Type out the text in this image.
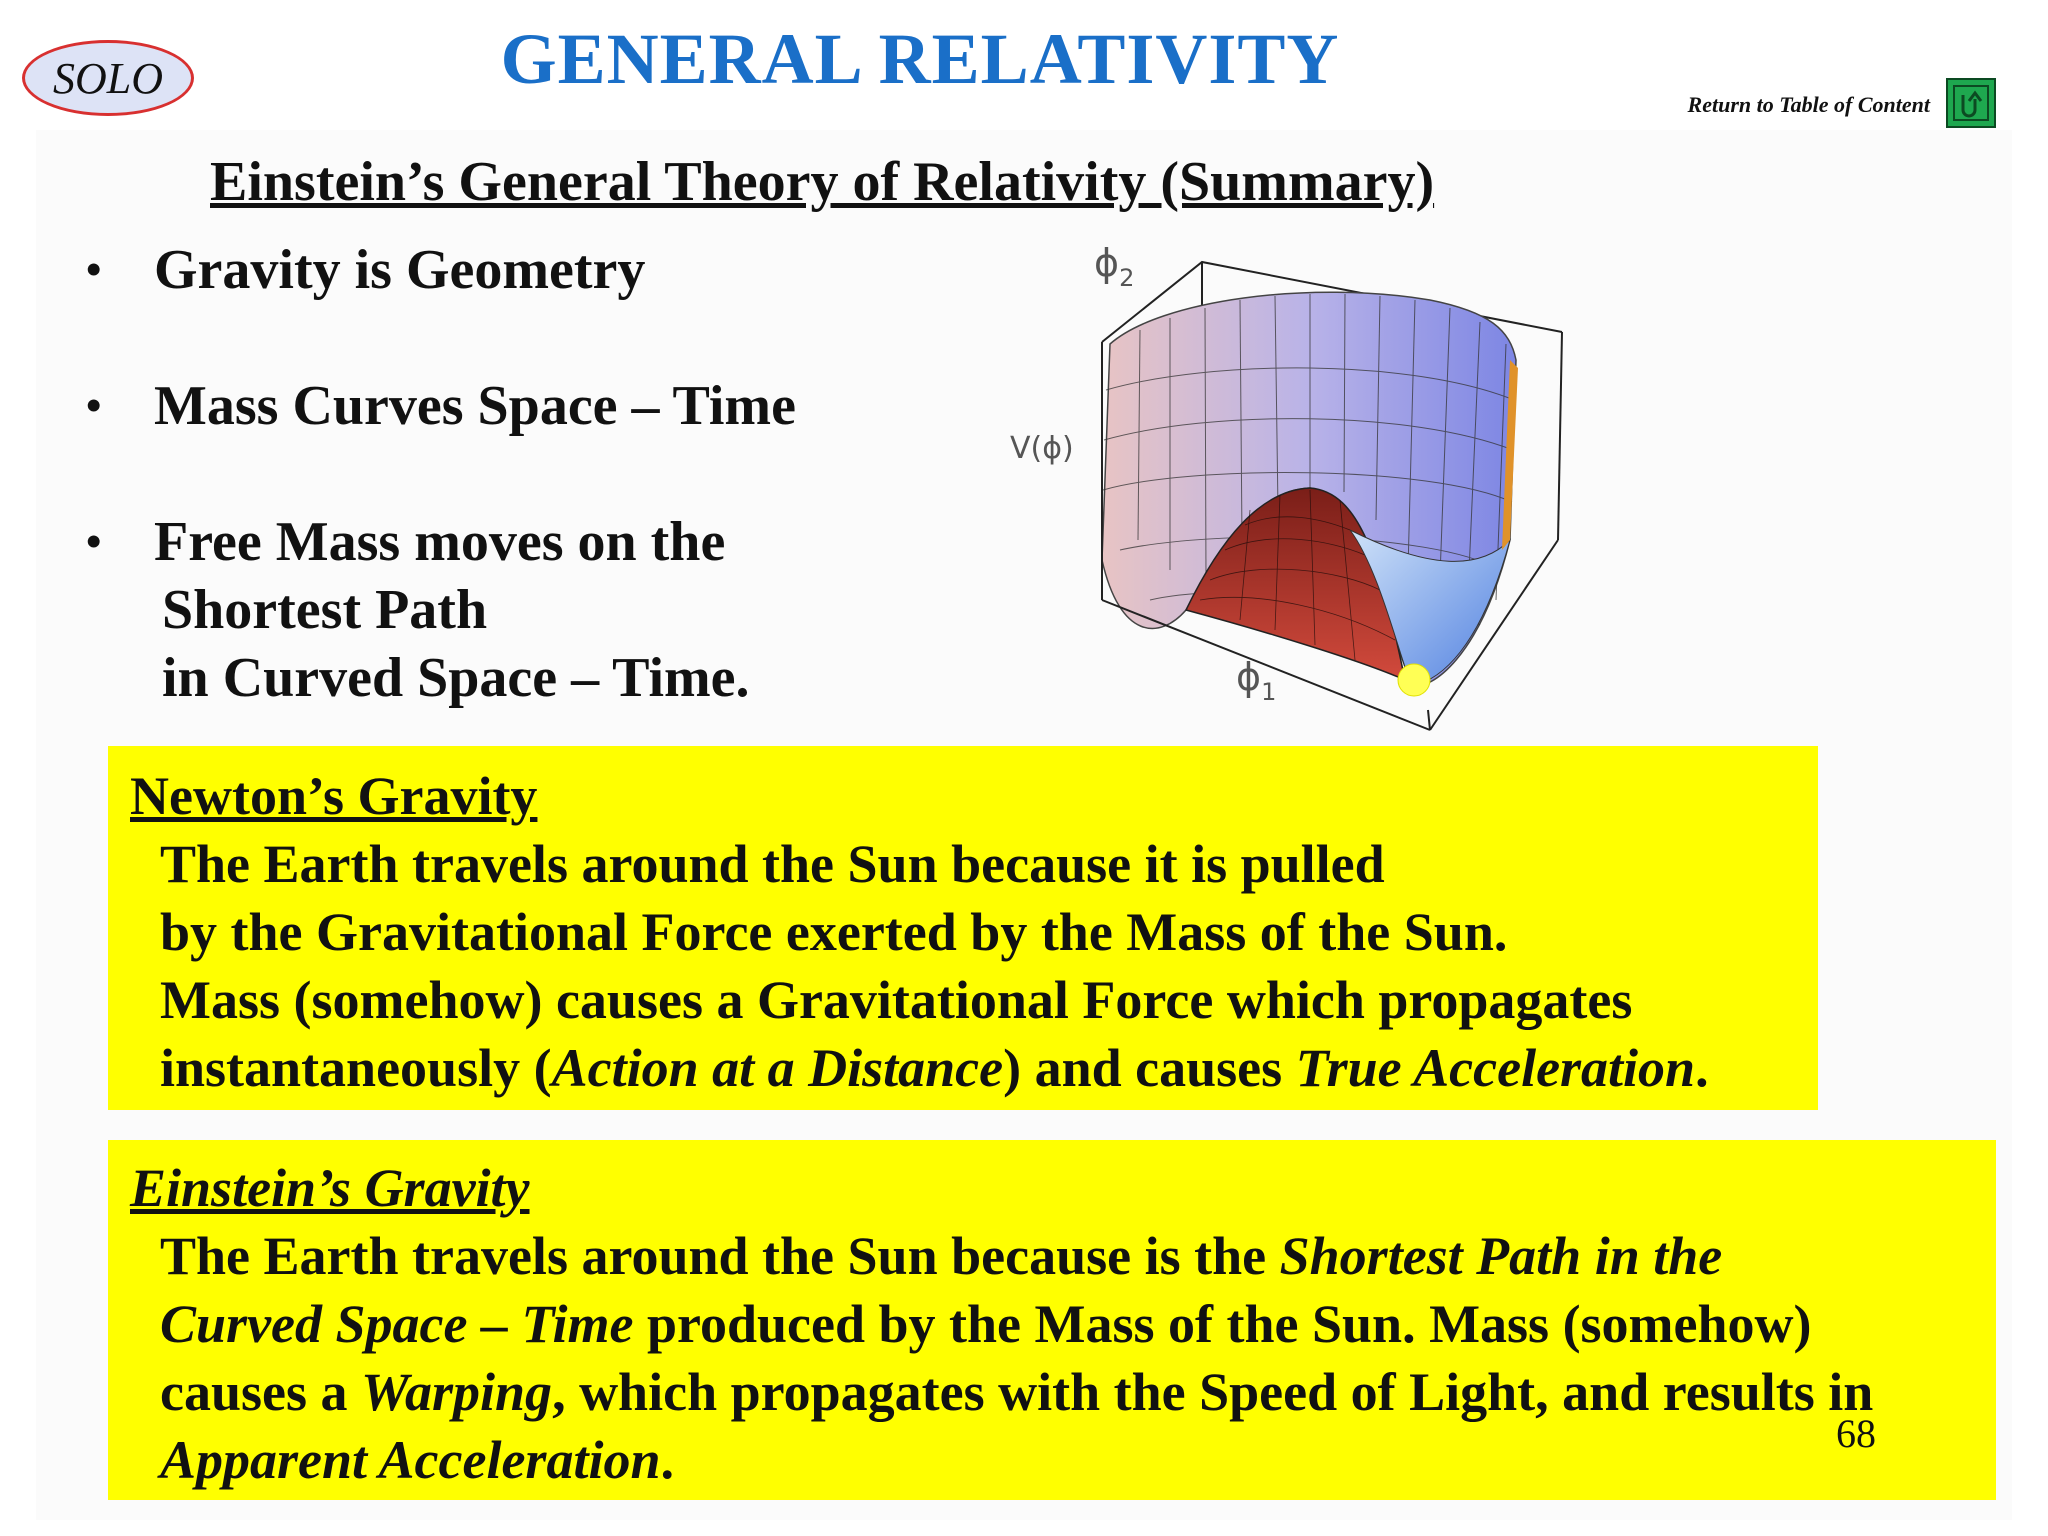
SOLO	GENERAL RELATIVITY
Return to Table of Content
Einstein’s General Theory of Relativity (Summary)
• Gravity is Geometry
• Mass Curves Space – Time
• Free Mass moves on the
Shortest Path
in Curved Space – Time.
$\phi_2$
V(ϕ)
$\phi_1$
Newton’s Gravity
The Earth travels around the Sun because it is pulled
by the Gravitational Force exerted by the Mass of the Sun.
Mass (somehow) causes a Gravitational Force which propagates
instantaneously (Action at a Distance) and causes True Acceleration.
Einstein’s Gravity
The Earth travels around the Sun because is the Shortest Path in the
Curved Space – Time produced by the Mass of the Sun. Mass (somehow)
causes a Warping, which propagates with the Speed of Light, and results in
Apparent Acceleration.	68
